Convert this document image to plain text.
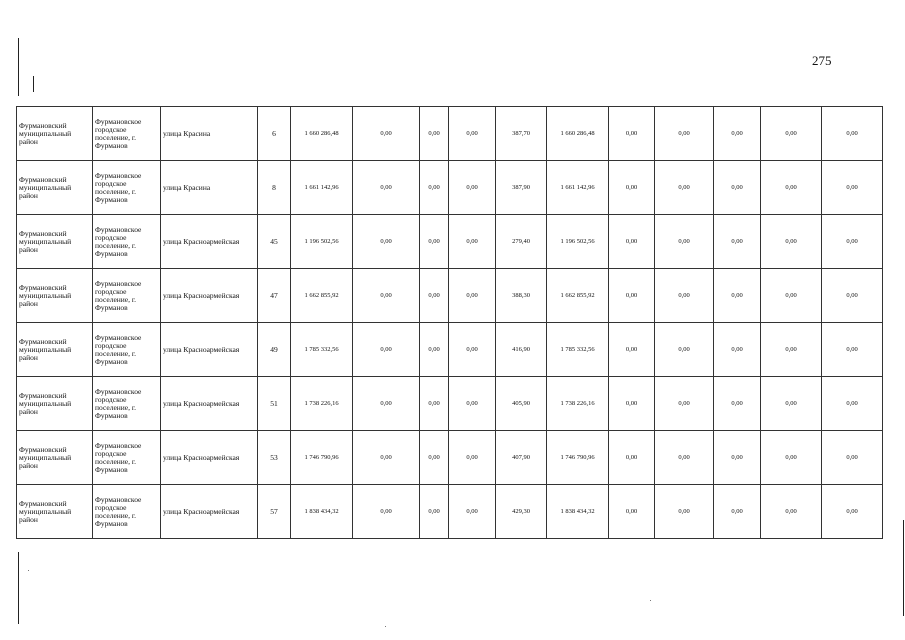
275
Фурмановский муниципальный район	Фурмановское городское поселение, г. Фурманов	улица Красина	6	1 660 286,48	0,00	0,00	0,00	387,70	1 660 286,48	0,00	0,00	0,00	0,00	0,00
Фурмановский муниципальный район	Фурмановское городское поселение, г. Фурманов	улица Красина	8	1 661 142,96	0,00	0,00	0,00	387,90	1 661 142,96	0,00	0,00	0,00	0,00	0,00
Фурмановский муниципальный район	Фурмановское городское поселение, г. Фурманов	улица Красноармейская	45	1 196 502,56	0,00	0,00	0,00	279,40	1 196 502,56	0,00	0,00	0,00	0,00	0,00
Фурмановский муниципальный район	Фурмановское городское поселение, г. Фурманов	улица Красноармейская	47	1 662 855,92	0,00	0,00	0,00	388,30	1 662 855,92	0,00	0,00	0,00	0,00	0,00
Фурмановский муниципальный район	Фурмановское городское поселение, г. Фурманов	улица Красноармейская	49	1 785 332,56	0,00	0,00	0,00	416,90	1 785 332,56	0,00	0,00	0,00	0,00	0,00
Фурмановский муниципальный район	Фурмановское городское поселение, г. Фурманов	улица Красноармейская	51	1 738 226,16	0,00	0,00	0,00	405,90	1 738 226,16	0,00	0,00	0,00	0,00	0,00
Фурмановский муниципальный район	Фурмановское городское поселение, г. Фурманов	улица Красноармейская	53	1 746 790,96	0,00	0,00	0,00	407,90	1 746 790,96	0,00	0,00	0,00	0,00	0,00
Фурмановский муниципальный район	Фурмановское городское поселение, г. Фурманов	улица Красноармейская	57	1 838 434,32	0,00	0,00	0,00	429,30	1 838 434,32	0,00	0,00	0,00	0,00	0,00
